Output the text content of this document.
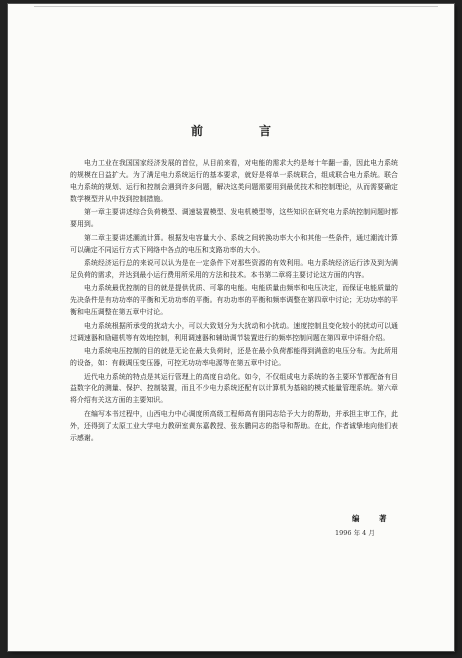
前　言

电力工业在我国国家经济发展的首位，从目前来看，对电能的需求大约是每十年翻一番，因此电力系统的规模在日益扩大。为了满足电力系统运行的基本要求，就好是将单一系统联合，组成联合电力系统。联合电力系统的规划、运行和控制会遇到许多问题，解决这类问题需要用到最优技术和控制理论，从而需要确定数学模型并从中找到控制措施。

第一章主要讲述综合负荷模型、调速装置模型、发电机模型等，这些知识在研究电力系统控制问题时都要用到。

第二章主要讲述潮流计算。根据发电容量大小、系统之间转换功率大小和其他一些条件，通过潮流计算可以确定不同运行方式下网络中各点的电压和支路功率的大小。

系统经济运行总的来说可以认为是在一定条件下对那些资源的有效利用。电力系统经济运行涉及到为满足负荷的需求，并达到最小运行费用所采用的方法和技术。本书第二章将主要讨论这方面的内容。

电力系统最优控制的目的就是提供优质、可靠的电能。电能质量由频率和电压决定，而保证电能质量的先决条件是有功功率的平衡和无功功率的平衡。有功功率的平衡和频率调整在第四章中讨论；无功功率的平衡和电压调整在第五章中讨论。

电力系统根据所承受的扰动大小，可以大致划分为大扰动和小扰动。速度控制且变化较小的扰动可以通过调速器和励磁机等有效地控制，利用调速器和辅助调节装置进行的频率控制问题在第四章中详细介绍。

电力系统电压控制的目的就是无论在最大负荷时，还是在最小负荷都能得到满意的电压分布。为此所用的设备，如：有载调压变压器，可控无功功率电源等在第五章中讨论。

近代电力系统的特点是其运行管理上的高度自动化。如今，不仅组成电力系统的各主要环节都配备有目益数字化的测量、保护、控制装置，而且不少电力系统还配有以计算机为基础的模式能量管理系统。第六章将介绍有关这方面的主要知识。

在编写本书过程中，山西电力中心调度所高级工程师高有朋同志给予大力的帮助，并承担主审工作，此外，还得到了太原工业大学电力教研室黄东嘉教授、张东鹏同志的指导和帮助。在此，作者诚挚地向他们表示感谢。

编　著
1996 年 4 月
